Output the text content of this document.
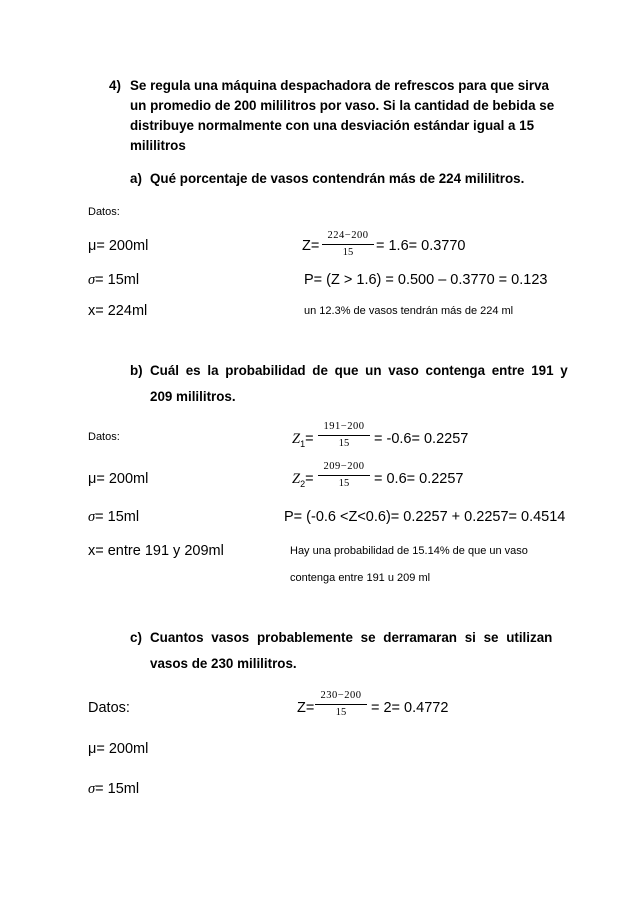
4) Se regula una máquina despachadora de refrescos para que sirva
un promedio de 200 mililitros por vaso. Si la cantidad de bebida se
distribuye normalmente con una desviación estándar igual a 15
mililitros
a) Qué porcentaje de vasos contendrán más de 224 mililitros.
Datos:
μ= 200ml
σ= 15ml
x= 224ml
Z=
224−200
15	= 1.6= 0.3770
P= (Z > 1.6) = 0.500 – 0.3770 = 0.123
un 12.3% de vasos tendrán más de 224 ml
b) Cuál es la probabilidad de que un vaso contenga entre 191 y
209 mililitros.
Datos:
μ= 200ml
σ= 15ml
x= entre 191 y 209ml
$Z_1=$
191−200
15	= -0.6= 0.2257
$Z_2=$
209−200
15	= 0.6= 0.2257
P= (-0.6 <Z<0.6)= 0.2257 + 0.2257= 0.4514
Hay una probabilidad de 15.14% de que un vaso
contenga entre 191 u 209 ml
c) Cuantos vasos probablemente se derramaran si se utilizan
vasos de 230 mililitros.
Datos:
μ= 200ml
σ= 15ml
Z=
230−200
15	= 2= 0.4772
